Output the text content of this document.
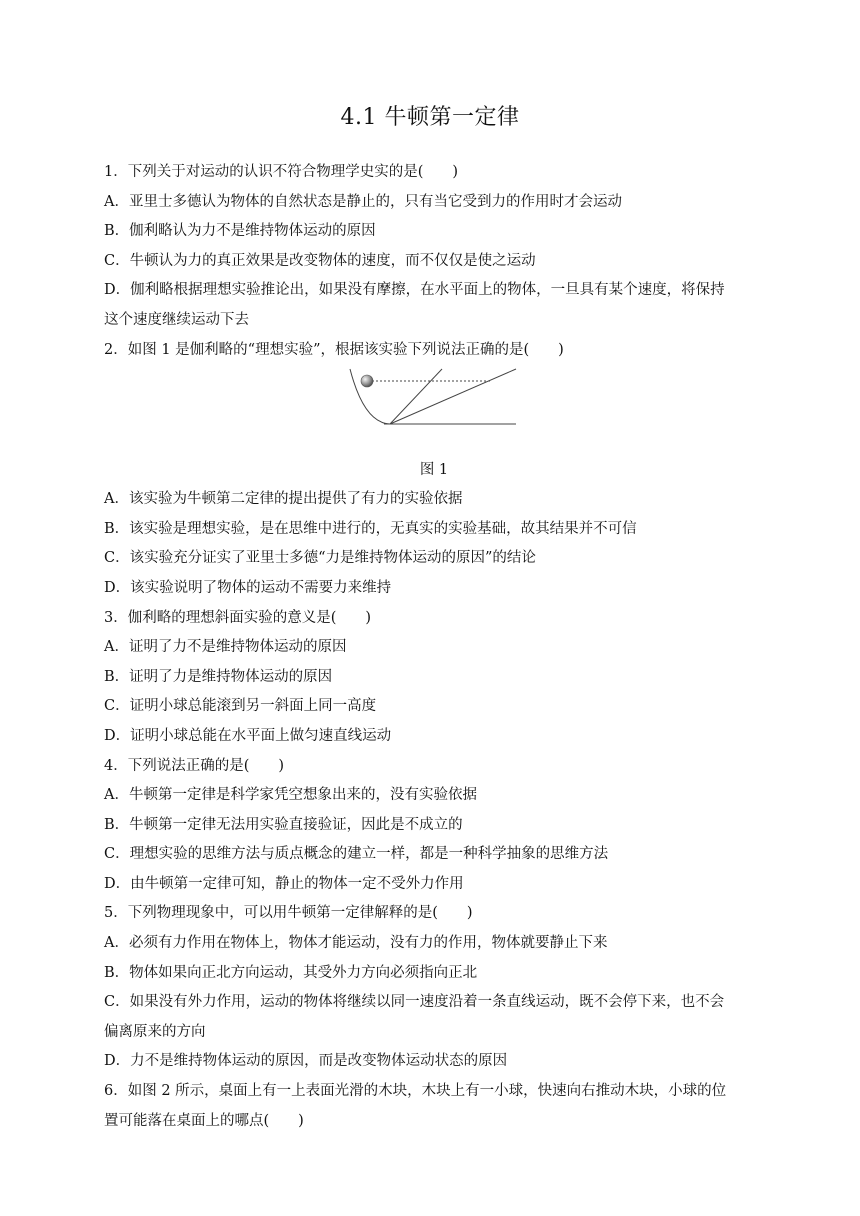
4.1 牛顿第一定律
1．下列关于对运动的认识不符合物理学史实的是(　　)
A．亚里士多德认为物体的自然状态是静止的，只有当它受到力的作用时才会运动
B．伽利略认为力不是维持物体运动的原因
C．牛顿认为力的真正效果是改变物体的速度，而不仅仅是使之运动
D．伽利略根据理想实验推论出，如果没有摩擦，在水平面上的物体，一旦具有某个速度，将保持
这个速度继续运动下去
2．如图 1 是伽利略的“理想实验”，根据该实验下列说法正确的是(　　)
图 1
A．该实验为牛顿第二定律的提出提供了有力的实验依据
B．该实验是理想实验，是在思维中进行的，无真实的实验基础，故其结果并不可信
C．该实验充分证实了亚里士多德“力是维持物体运动的原因”的结论
D．该实验说明了物体的运动不需要力来维持
3．伽利略的理想斜面实验的意义是(　　)
A．证明了力不是维持物体运动的原因
B．证明了力是维持物体运动的原因
C．证明小球总能滚到另一斜面上同一高度
D．证明小球总能在水平面上做匀速直线运动
4．下列说法正确的是(　　)
A．牛顿第一定律是科学家凭空想象出来的，没有实验依据
B．牛顿第一定律无法用实验直接验证，因此是不成立的
C．理想实验的思维方法与质点概念的建立一样，都是一种科学抽象的思维方法
D．由牛顿第一定律可知，静止的物体一定不受外力作用
5．下列物理现象中，可以用牛顿第一定律解释的是(　　)
A．必须有力作用在物体上，物体才能运动，没有力的作用，物体就要静止下来
B．物体如果向正北方向运动，其受外力方向必须指向正北
C．如果没有外力作用，运动的物体将继续以同一速度沿着一条直线运动，既不会停下来，也不会
偏离原来的方向
D．力不是维持物体运动的原因，而是改变物体运动状态的原因
6．如图 2 所示，桌面上有一上表面光滑的木块，木块上有一小球，快速向右推动木块，小球的位
置可能落在桌面上的哪点(　　)
